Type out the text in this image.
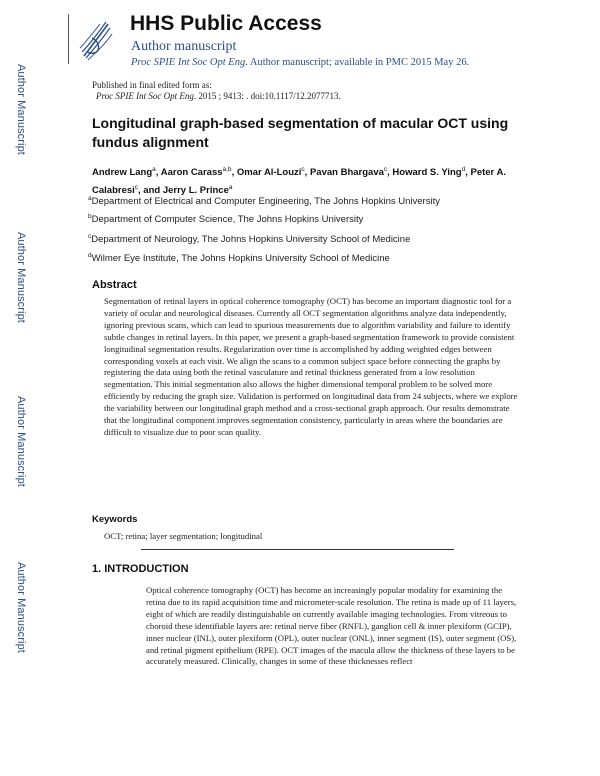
Author Manuscript
Author Manuscript
Author Manuscript
Author Manuscript
HHS Public Access
Author manuscript
Proc SPIE Int Soc Opt Eng. Author manuscript; available in PMC 2015 May 26.
Published in final edited form as:
Proc SPIE Int Soc Opt Eng. 2015 ; 9413: . doi:10.1117/12.2077713.
Longitudinal graph-based segmentation of macular OCT using fundus alignment
Andrew Lang$^a$, Aaron Carass$^{a,b}$, Omar Al-Louzi$^c$, Pavan Bhargava$^c$, Howard S. Ying$^d$, Peter A. Calabresi$^c$, and Jerry L. Prince$^a$
$^a$Department of Electrical and Computer Engineering, The Johns Hopkins University
$^b$Department of Computer Science, The Johns Hopkins University
$^c$Department of Neurology, The Johns Hopkins University School of Medicine
$^d$Wilmer Eye Institute, The Johns Hopkins University School of Medicine
Abstract
Segmentation of retinal layers in optical coherence tomography (OCT) has become an important diagnostic tool for a variety of ocular and neurological diseases. Currently all OCT segmentation algorithms analyze data independently, ignoring previous scans, which can lead to spurious measurements due to algorithm variability and failure to identify subtle changes in retinal layers. In this paper, we present a graph-based segmentation framework to provide consistent longitudinal segmentation results. Regularization over time is accomplished by adding weighted edges between corresponding voxels at each visit. We align the scans to a common subject space before connecting the graphs by registering the data using both the retinal vasculature and retinal thickness generated from a low resolution segmentation. This initial segmentation also allows the higher dimensional temporal problem to be solved more efficiently by reducing the graph size. Validation is performed on longitudinal data from 24 subjects, where we explore the variability between our longitudinal graph method and a cross-sectional graph approach. Our results demonstrate that the longitudinal component improves segmentation consistency, particularly in areas where the boundaries are difficult to visualize due to poor scan quality.
Keywords
OCT; retina; layer segmentation; longitudinal
1. INTRODUCTION
Optical coherence tomography (OCT) has become an increasingly popular modality for examining the retina due to its rapid acquisition time and micrometer-scale resolution. The retina is made up of 11 layers, eight of which are readily distinguishable on currently available imaging technologies. From vitreous to choroid these identifiable layers are: retinal nerve fiber (RNFL), ganglion cell & inner plexiform (GCIP), inner nuclear (INL), outer plexiform (OPL), outer nuclear (ONL), inner segment (IS), outer segment (OS), and retinal pigment epithelium (RPE). OCT images of the macula allow the thickness of these layers to be accurately measured. Clinically, changes in some of these thicknesses reflect
